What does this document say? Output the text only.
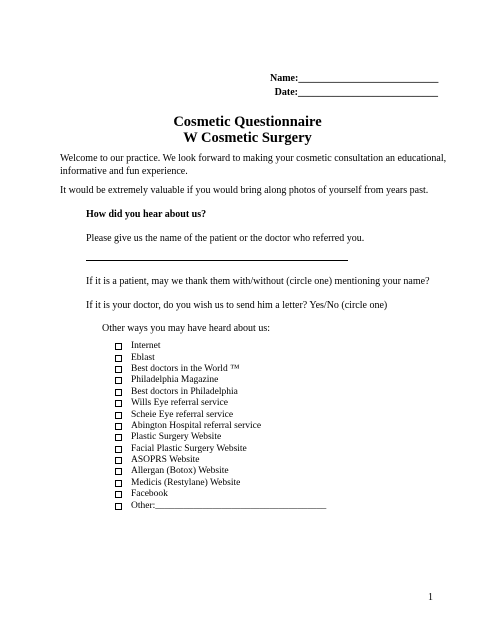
Name:____________________________
Date:____________________________
Cosmetic Questionnaire
W Cosmetic Surgery
Welcome to our practice. We look forward to making your cosmetic consultation an educational, informative and fun experience.
It would be extremely valuable if you would bring along photos of yourself from years past.
How did you hear about us?
Please give us the name of the patient or the doctor who referred you.
If it is a patient, may we thank them with/without (circle one) mentioning your name?
If it is your doctor, do you wish us to send him a letter? Yes/No (circle one)
Other ways you may have heard about us:
Internet
Eblast
Best doctors in the World ™
Philadelphia Magazine
Best doctors in Philadelphia
Wills Eye referral service
Scheie Eye referral service
Abington Hospital referral service
Plastic Surgery Website
Facial Plastic Surgery Website
ASOPRS Website
Allergan (Botox) Website
Medicis (Restylane) Website
Facebook
Other:____________________________________
1
